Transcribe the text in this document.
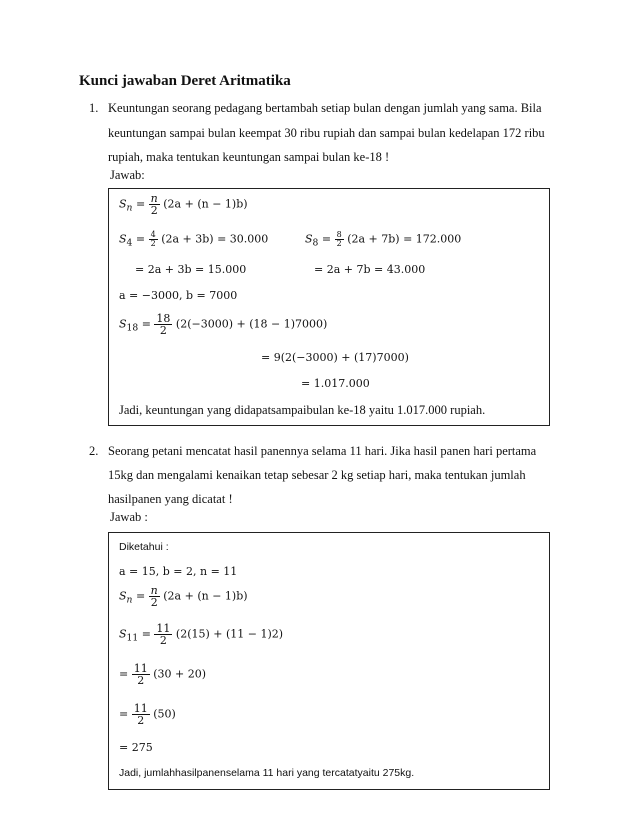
Kunci jawaban Deret Aritmatika
1. Keuntungan seorang pedagang bertambah setiap bulan dengan jumlah yang sama. Bila
keuntungan sampai bulan keempat 30 ribu rupiah dan sampai bulan kedelapan 172 ribu
rupiah, maka tentukan keuntungan sampai bulan ke-18 !
Jawab:
$S_n = \frac{n}{2} (2a + (n - 1)b)$
$S_4 = \frac{4}{2} (2a + 3b) = 30.000$	$S_8 = \frac{8}{2} (2a + 7b) = 172.000$
= 2a + 3b = 15.000	= 2a + 7b = 43.000
a = −3000, b = 7000
$S_{18} = \frac{18}{2} (2(-3000) + (18 - 1)7000)$
= 9(2(−3000) + (17)7000)
= 1.017.000
Jadi, keuntungan yang didapatsampaibulan ke-18 yaitu 1.017.000 rupiah.
2. Seorang petani mencatat hasil panennya selama 11 hari. Jika hasil panen hari pertama
15kg dan mengalami kenaikan tetap sebesar 2 kg setiap hari, maka tentukan jumlah
hasilpanen yang dicatat !
Jawab :
Diketahui :
a = 15, b = 2, n = 11
$S_n = \frac{n}{2} (2a + (n - 1)b)$
$S_{11} = \frac{11}{2} (2(15) + (11 - 1)2)$
= $\frac{11}{2} (30 + 20)$
= $\frac{11}{2} (50)$
= 275
Jadi, jumlahhasilpanenselama 11 hari yang tercatatyaitu 275kg.
